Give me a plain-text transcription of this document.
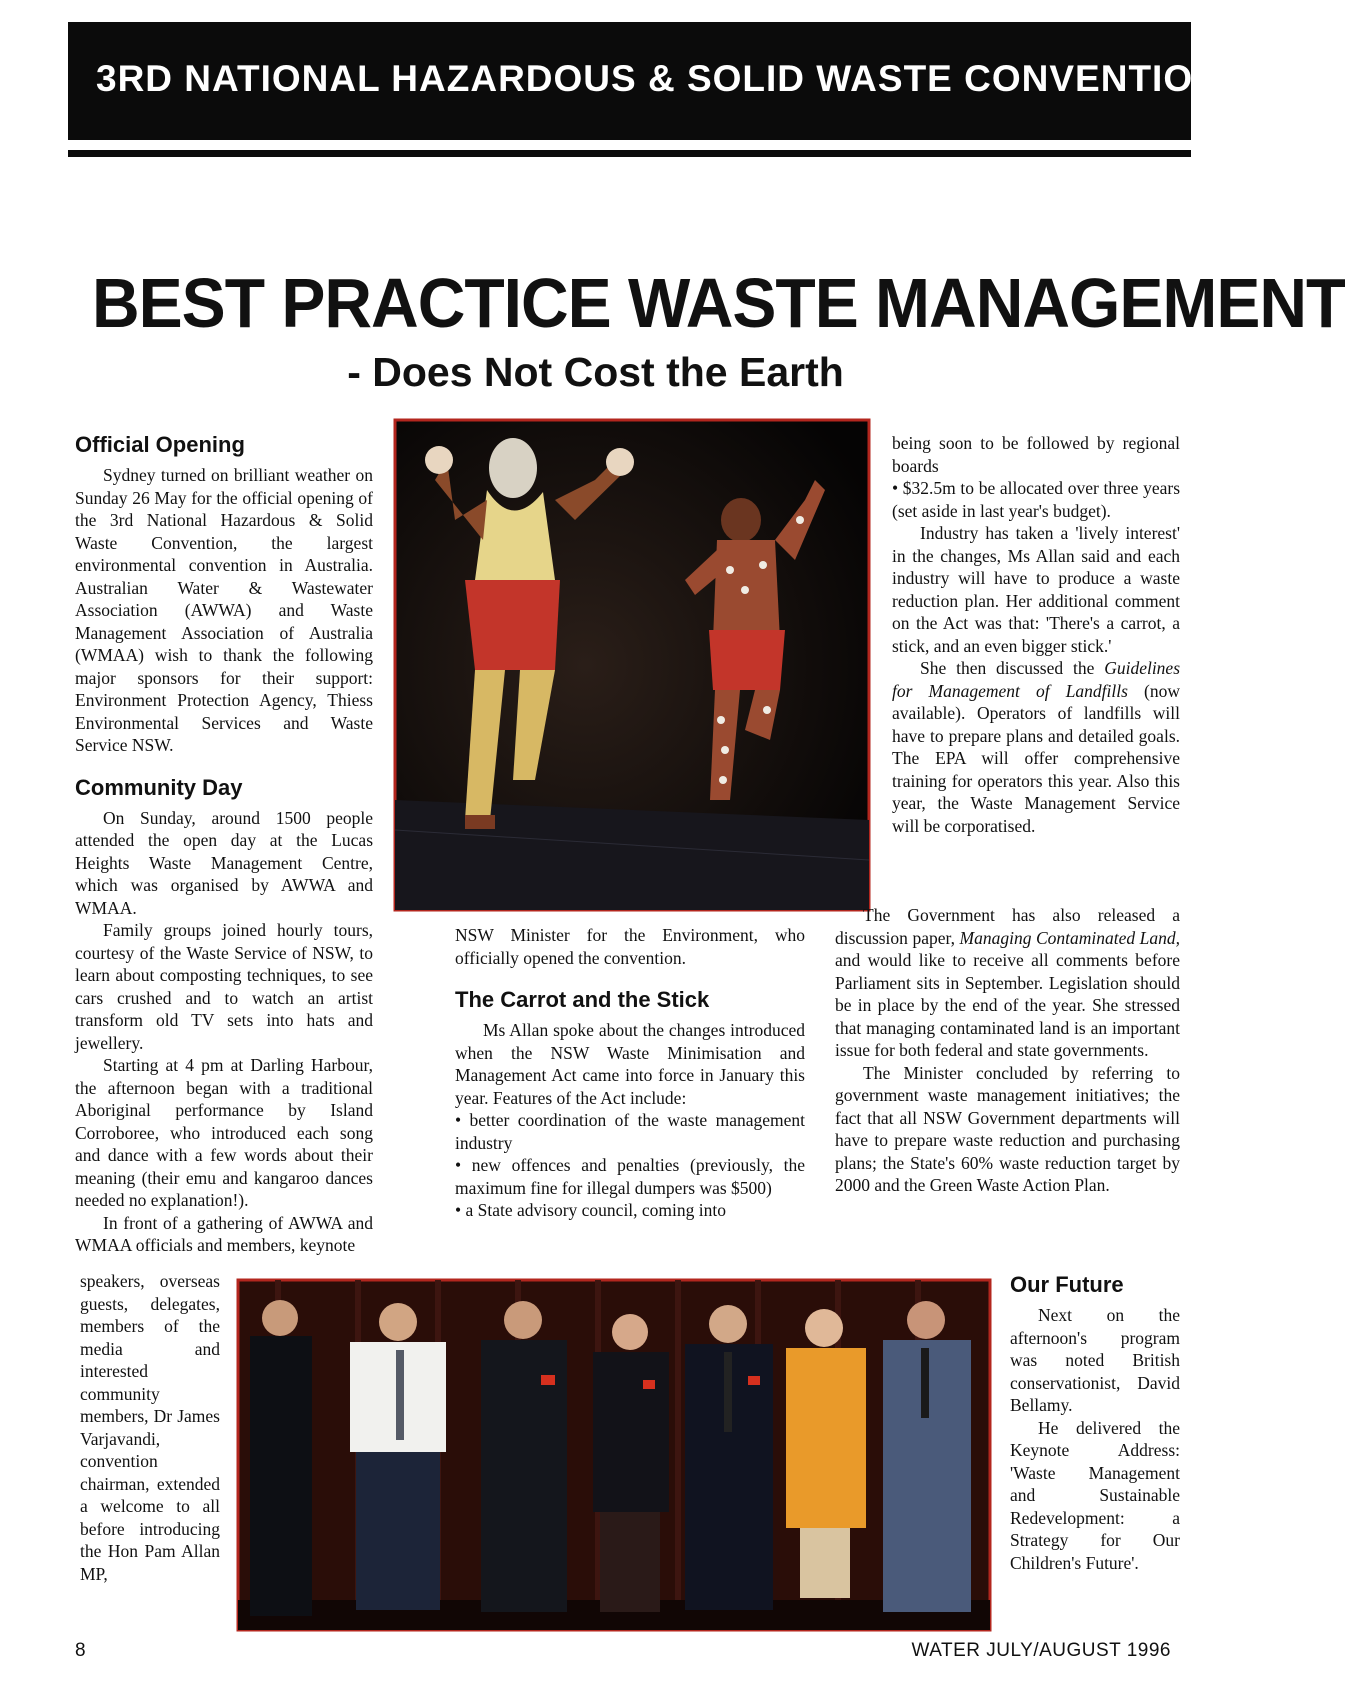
3RD NATIONAL HAZARDOUS & SOLID WASTE CONVENTION
BEST PRACTICE WASTE MANAGEMENT
- Does Not Cost the Earth
Official Opening

Sydney turned on brilliant weather on Sunday 26 May for the official opening of the 3rd National Hazardous & Solid Waste Convention, the largest environmental convention in Australia. Australian Water & Wastewater Association (AWWA) and Waste Management Association of Australia (WMAA) wish to thank the following major sponsors for their support: Environment Protection Agency, Thiess Environmental Services and Waste Service NSW.

Community Day

On Sunday, around 1500 people attended the open day at the Lucas Heights Waste Management Centre, which was organised by AWWA and WMAA.

Family groups joined hourly tours, courtesy of the Waste Service of NSW, to learn about composting techniques, to see cars crushed and to watch an artist transform old TV sets into hats and jewellery.

Starting at 4 pm at Darling Harbour, the afternoon began with a traditional Aboriginal performance by Island Corroboree, who introduced each song and dance with a few words about their meaning (their emu and kangaroo dances needed no explanation!).

In front of a gathering of AWWA and WMAA officials and members, keynote

speakers, overseas guests, delegates, members of the media and interested community members, Dr James Varjavandi, convention chairman, extended a welcome to all before introducing the Hon Pam Allan MP,

NSW Minister for the Environment, who officially opened the convention.

The Carrot and the Stick

Ms Allan spoke about the changes introduced when the NSW Waste Minimisation and Management Act came into force in January this year. Features of the Act include:

• better coordination of the waste management industry

• new offences and penalties (previously, the maximum fine for illegal dumpers was $500)

• a State advisory council, coming into

being soon to be followed by regional boards

• $32.5m to be allocated over three years (set aside in last year's budget).

Industry has taken a 'lively interest' in the changes, Ms Allan said and each industry will have to produce a waste reduction plan. Her additional comment on the Act was that: 'There's a carrot, a stick, and an even bigger stick.'

She then discussed the Guidelines for Management of Landfills (now available). Operators of landfills will have to prepare plans and detailed goals. The EPA will offer comprehensive training for operators this year. Also this year, the Waste Management Service will be corporatised.

The Government has also released a discussion paper, Managing Contaminated Land, and would like to receive all comments before Parliament sits in September. Legislation should be in place by the end of the year. She stressed that managing contaminated land is an important issue for both federal and state governments.

The Minister concluded by referring to government waste management initiatives; the fact that all NSW Government departments will have to prepare waste reduction and purchasing plans; the State's 60% waste reduction target by 2000 and the Green Waste Action Plan.

Our Future

Next on the afternoon's program was noted British conservationist, David Bellamy.

He delivered the Keynote Address: 'Waste Management and Sustainable Redevelopment: a Strategy for Our Children's Future'.

8	WATER JULY/AUGUST 1996
